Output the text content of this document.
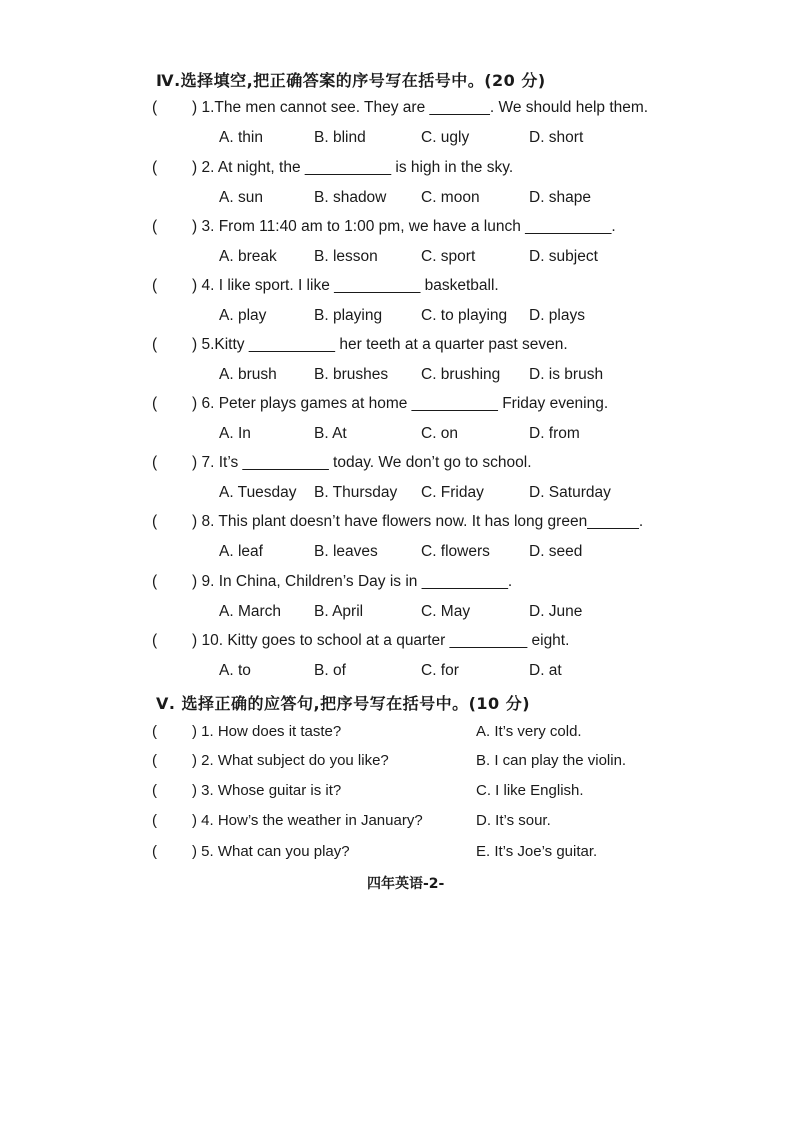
Ⅳ.选择填空,把正确答案的序号写在括号中。(20 分)
( ) 1.The men cannot see. They are _______. We should help them.
A. thin	B. blind	C. ugly	D. short
( ) 2. At night, the __________ is high in the sky.
A. sun	B. shadow C. moon	D. shape
( ) 3. From 11:40 am to 1:00 pm, we have a lunch __________.
A. break B. lesson	C. sport	D. subject
( ) 4. I like sport. I like __________ basketball.
A. play	B. playing	C. to playing D. plays
( ) 5.Kitty __________ her teeth at a quarter past seven.
A. brush B. brushes C. brushing D. is brush
( ) 6. Peter plays games at home __________ Friday evening.
A. In	B. At	C. on	D. from
( ) 7. It’s __________ today. We don’t go to school.
A. Tuesday B. Thursday C. Friday	D. Saturday
( ) 8. This plant doesn’t have flowers now. It has long green______.
A. leaf	B. leaves	C. flowers	D. seed
( ) 9. In China, Children’s Day is in __________.
A. March B. April	C. May	D. June
( ) 10. Kitty goes to school at a quarter _________ eight.
A. to	B. of	C. for	D. at
Ⅴ. 选择正确的应答句,把序号写在括号中。(10 分)
( ) 1. How does it taste?	A. It’s very cold.
( ) 2. What subject do you like?	B. I can play the violin.
( ) 3. Whose guitar is it?	C. I like English.
( ) 4. How’s the weather in January?	D. It’s sour.
( ) 5. What can you play?	E. It’s Joe’s guitar.
四年英语-2-
